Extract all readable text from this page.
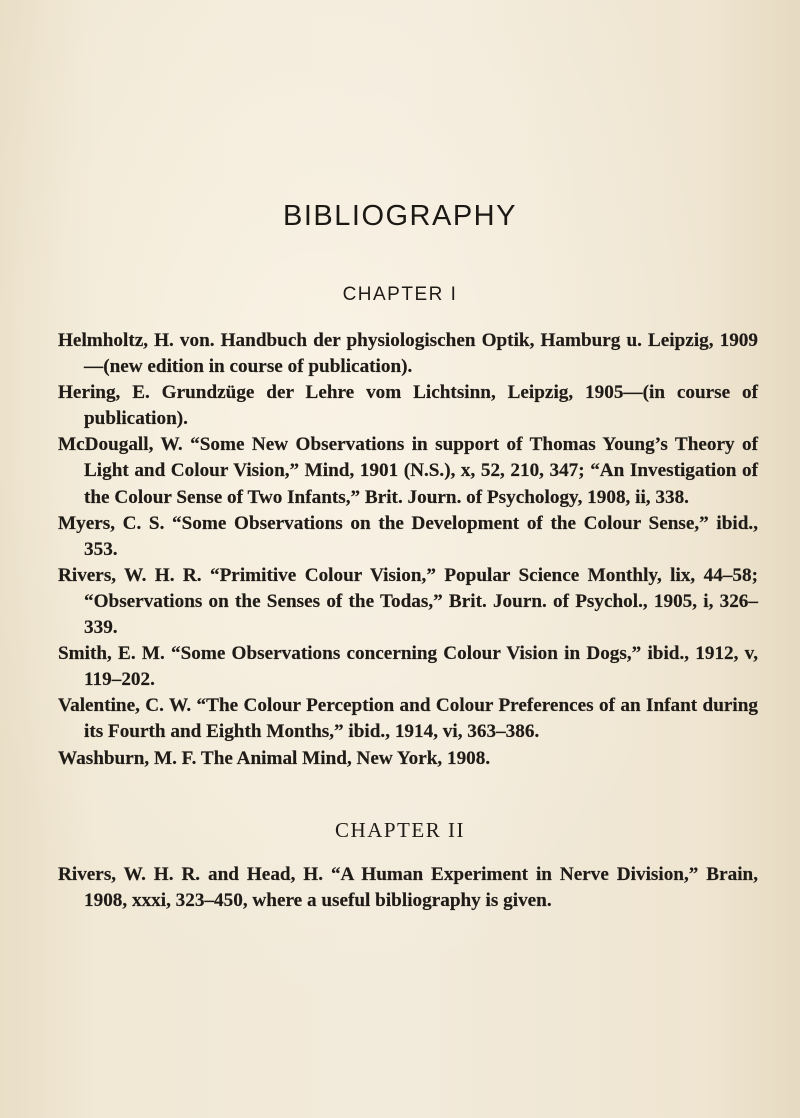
BIBLIOGRAPHY
CHAPTER I
Helmholtz, H. von. Handbuch der physiologischen Optik, Hamburg u. Leipzig, 1909—(new edition in course of publication).
Hering, E. Grundzüge der Lehre vom Lichtsinn, Leipzig, 1905—(in course of publication).
McDougall, W. “Some New Observations in support of Thomas Young’s Theory of Light and Colour Vision,” Mind, 1901 (N.S.), x, 52, 210, 347; “An Investigation of the Colour Sense of Two Infants,” Brit. Journ. of Psychology, 1908, ii, 338.
Myers, C. S. “Some Observations on the Development of the Colour Sense,” ibid., 353.
Rivers, W. H. R. “Primitive Colour Vision,” Popular Science Monthly, lix, 44–58; “Observations on the Senses of the Todas,” Brit. Journ. of Psychol., 1905, i, 326–339.
Smith, E. M. “Some Observations concerning Colour Vision in Dogs,” ibid., 1912, v, 119–202.
Valentine, C. W. “The Colour Perception and Colour Preferences of an Infant during its Fourth and Eighth Months,” ibid., 1914, vi, 363–386.
Washburn, M. F. The Animal Mind, New York, 1908.
CHAPTER II
Rivers, W. H. R. and Head, H. “A Human Experiment in Nerve Division,” Brain, 1908, xxxi, 323–450, where a useful bibliography is given.
